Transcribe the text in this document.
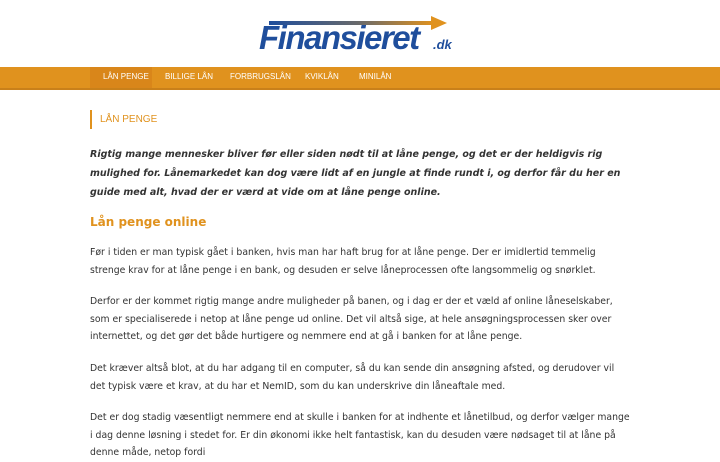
Finansieret .dk
LÅN PENGE	BILLIGE LÅN FORBRUGSLÅN KVIKLÅN	MINILÅN
LÅN PENGE

Rigtig mange mennesker bliver før eller siden nødt til at låne penge, og det er der heldigvis rig mulighed for. Lånemarkedet kan dog være lidt af en jungle at finde rundt i, og derfor får du her en guide med alt, hvad der er værd at vide om at låne penge online.

Lån penge online

Før i tiden er man typisk gået i banken, hvis man har haft brug for at låne penge. Der er imidlertid temmelig strenge krav for at låne penge i en bank, og desuden er selve låneprocessen ofte langsommelig og snørklet.

Derfor er der kommet rigtig mange andre muligheder på banen, og i dag er der et væld af online låneselskaber, som er specialiserede i netop at låne penge ud online. Det vil altså sige, at hele ansøgningsprocessen sker over internettet, og det gør det både hurtigere og nemmere end at gå i banken for at låne penge.

Det kræver altså blot, at du har adgang til en computer, så du kan sende din ansøgning afsted, og derudover vil det typisk være et krav, at du har et NemID, som du kan underskrive din låneaftale med.

Det er dog stadig væsentligt nemmere end at skulle i banken for at indhente et lånetilbud, og derfor vælger mange i dag denne løsning i stedet for. Er din økonomi ikke helt fantastisk, kan du desuden være nødsaget til at låne på denne måde, netop fordi
